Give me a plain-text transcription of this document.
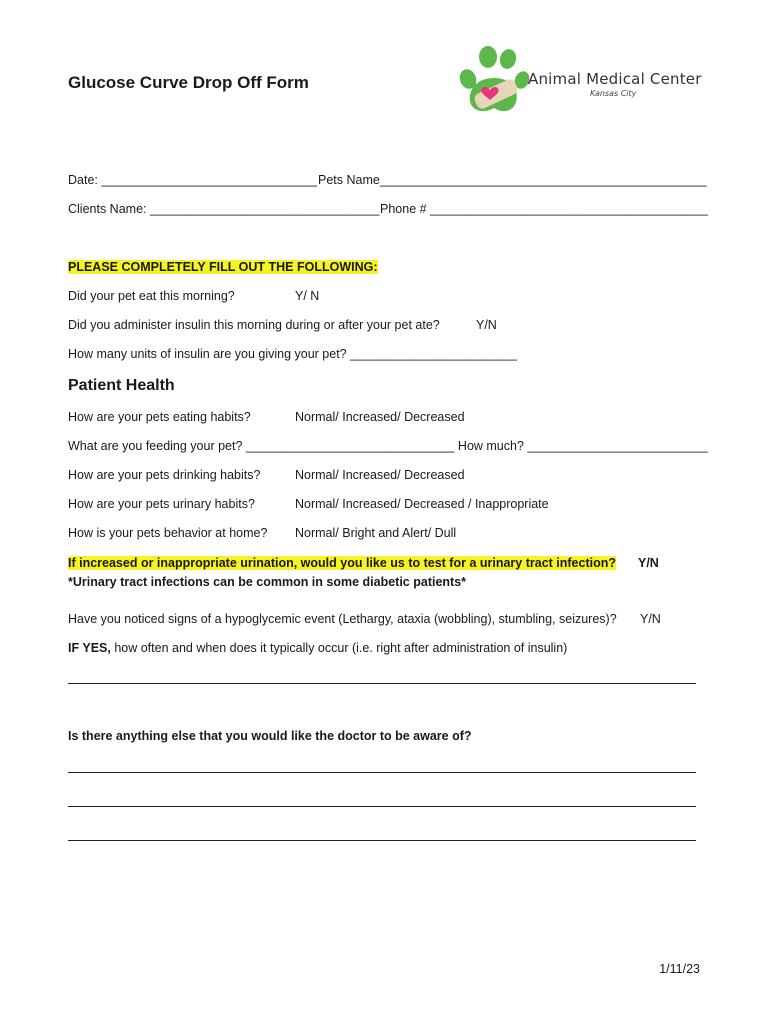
Glucose Curve Drop Off Form	Animal Medical Center
Kansas City
Date: _______________________________ Pets Name_______________________________________________
Clients Name: _________________________________ Phone # ________________________________________
PLEASE COMPLETELY FILL OUT THE FOLLOWING:
Did your pet eat this morning?	Y/ N
Did you administer insulin this morning during or after your pet ate?	Y/N
How many units of insulin are you giving your pet? ________________________
Patient Health
How are your pets eating habits?	Normal/ Increased/ Decreased
What are you feeding your pet? ______________________________ How much? __________________________
How are your pets drinking habits?	Normal/ Increased/ Decreased
How are your pets urinary habits?	Normal/ Increased/ Decreased / Inappropriate
How is your pets behavior at home? Normal/ Bright and Alert/ Dull
If increased or inappropriate urination, would you like us to test for a urinary tract infection? Y/N
*Urinary tract infections can be common in some diabetic patients*
Have you noticed signs of a hypoglycemic event (Lethargy, ataxia (wobbling), stumbling, seizures)? Y/N
IF YES, how often and when does it typically occur (i.e. right after administration of insulin)
Is there anything else that you would like the doctor to be aware of?
1/11/23
